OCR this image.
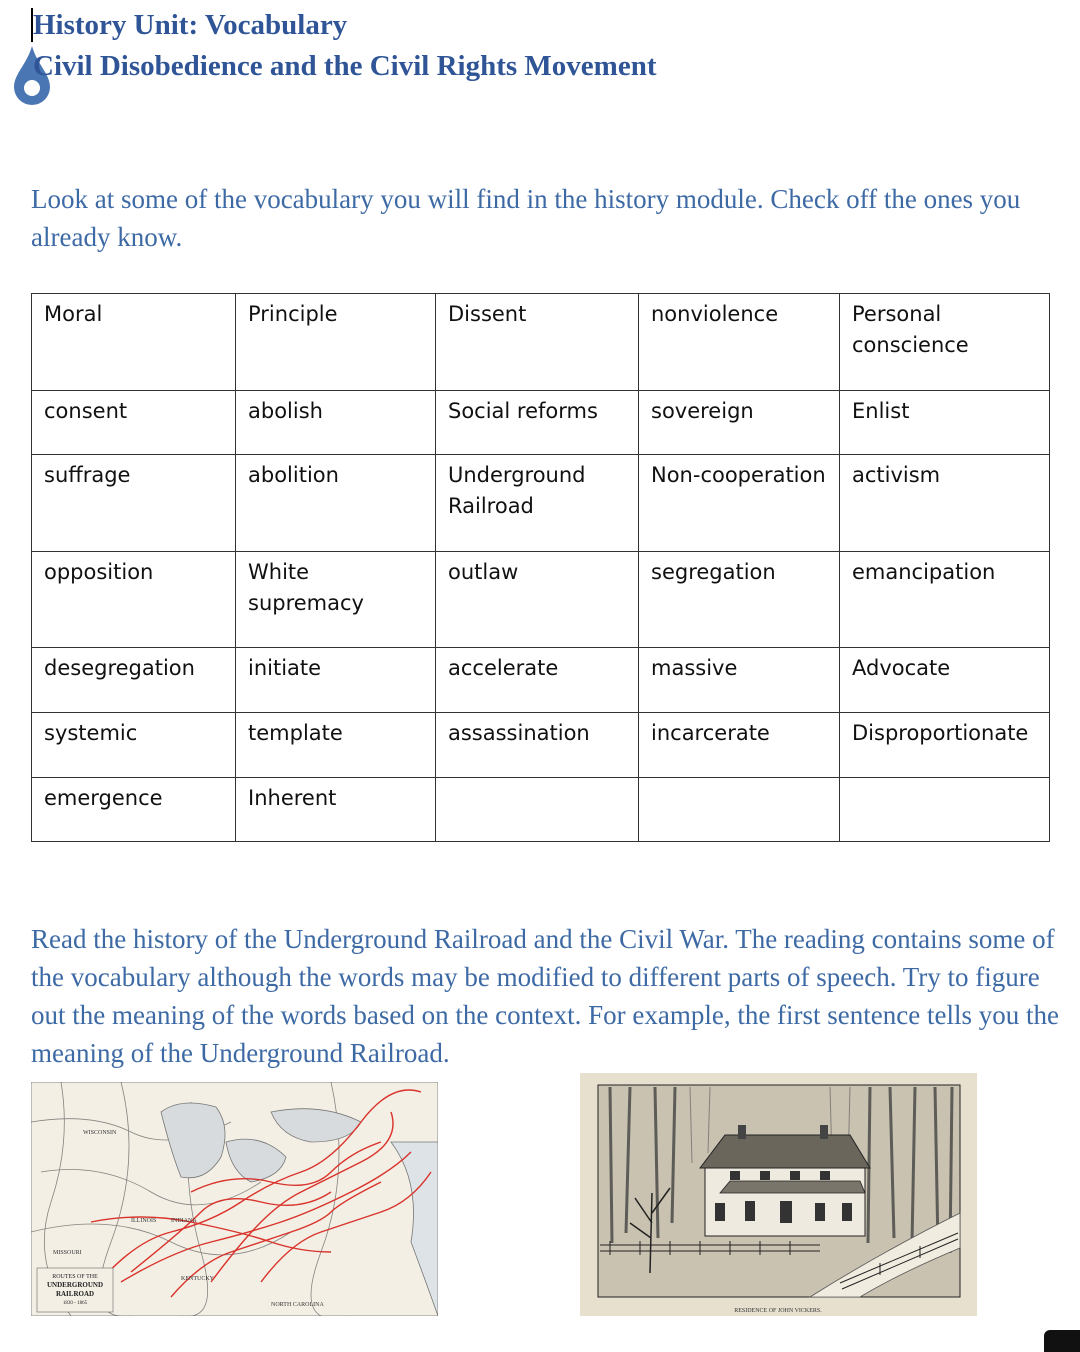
History Unit: Vocabulary
Civil Disobedience and the Civil Rights Movement

Look at some of the vocabulary you will find in the history module. Check off the ones you already know.

Moral	Principle	Dissent	nonviolence	Personal conscience
consent	abolish	Social reforms	sovereign	Enlist
suffrage	abolition	Underground Railroad	Non-cooperation	activism
opposition	White supremacy	outlaw	segregation	emancipation
desegregation	initiate	accelerate	massive	Advocate
systemic	template	assassination	incarcerate	Disproportionate
emergence	Inherent			

Read the history of the Underground Railroad and the Civil War. The reading contains some of the vocabulary although the words may be modified to different parts of speech. Try to figure out the meaning of the words based on the context. For example, the first sentence tells you the meaning of the Underground Railroad.

WISCONSIN
ILLINOIS INDIANA
MISSOURI
KENTUCKY
NORTH CAROLINA
ROUTES OF THE
UNDERGROUND
RAILROAD
1830 - 1865
RESIDENCE OF JOHN VICKERS.
